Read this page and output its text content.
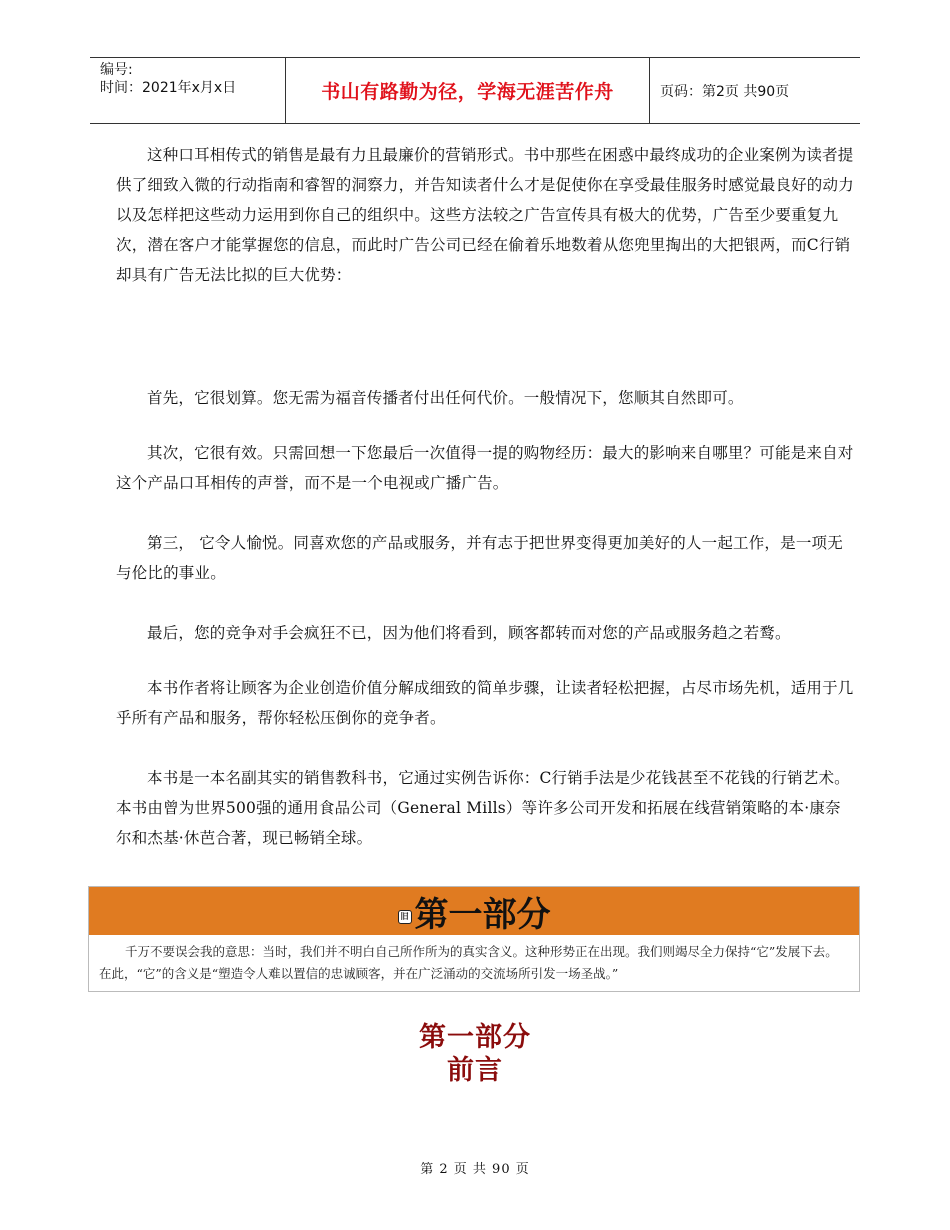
编号:
时间：2021年x月x日	书山有路勤为径，学海无涯苦作舟	页码：第2页 共90页

这种口耳相传式的销售是最有力且最廉价的营销形式。书中那些在困惑中最终成功的企业案例为读者提供了细致入微的行动指南和睿智的洞察力，并告知读者什么才是促使你在享受最佳服务时感觉最良好的动力以及怎样把这些动力运用到你自己的组织中。这些方法较之广告宣传具有极大的优势，广告至少要重复九次，潜在客户才能掌握您的信息，而此时广告公司已经在偷着乐地数着从您兜里掏出的大把银两，而C行销却具有广告无法比拟的巨大优势：

首先，它很划算。您无需为福音传播者付出任何代价。一般情况下，您顺其自然即可。

其次，它很有效。只需回想一下您最后一次值得一提的购物经历：最大的影响来自哪里？可能是来自对这个产品口耳相传的声誉，而不是一个电视或广播广告。

第三， 它令人愉悦。同喜欢您的产品或服务，并有志于把世界变得更加美好的人一起工作，是一项无与伦比的事业。

最后，您的竞争对手会疯狂不已，因为他们将看到，顾客都转而对您的产品或服务趋之若鹜。

本书作者将让顾客为企业创造价值分解成细致的简单步骤，让读者轻松把握，占尽市场先机，适用于几乎所有产品和服务，帮你轻松压倒你的竞争者。

本书是一本名副其实的销售教科书，它通过实例告诉你：C行销手法是少花钱甚至不花钱的行销艺术。本书由曾为世界500强的通用食品公司（General Mills）等许多公司开发和拓展在线营销策略的本·康奈尔和杰基·休芭合著，现已畅销全球。

旧 第一部分
千万不要误会我的意思：当时，我们并不明白自己所作所为的真实含义。这种形势正在出现。我们则竭尽全力保持“它”发展下去。在此，“它”的含义是“塑造令人难以置信的忠诚顾客，并在广泛涌动的交流场所引发一场圣战。”
第一部分
前言
第 2 页 共 90 页
